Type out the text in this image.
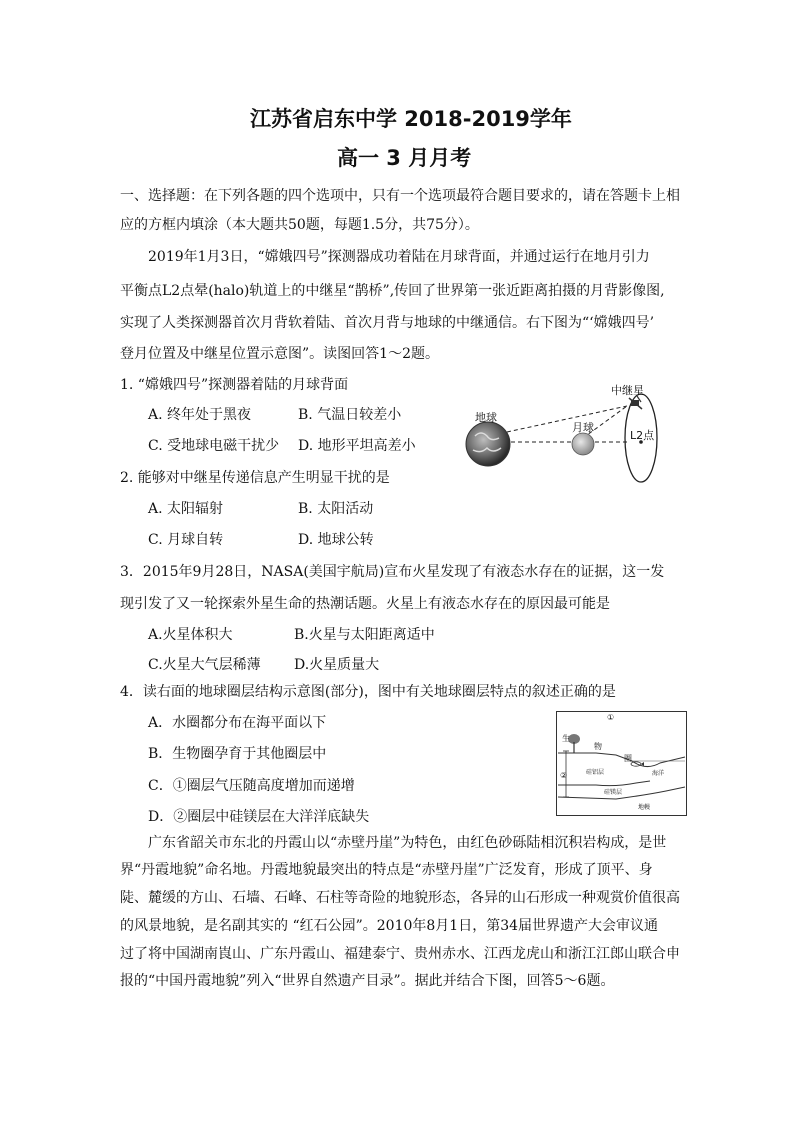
江苏省启东中学 2018-2019学年
高一 3 月月考
一、选择题：在下列各题的四个选项中，只有一个选项最符合题目要求的，请在答题卡上相
应的方框内填涂（本大题共50题，每题1.5分，共75分）。
2019年1月3日，“嫦娥四号”探测器成功着陆在月球背面，并通过运行在地月引力
平衡点L2点晕(halo)轨道上的中继星“鹊桥”,传回了世界第一张近距离拍摄的月背影像图,
实现了人类探测器首次月背软着陆、首次月背与地球的中继通信。右下图为“‘嫦娥四号’
登月位置及中继星位置示意图”。读图回答1～2题。
1. “嫦娥四号”探测器着陆的月球背面
A. 终年处于黑夜	B. 气温日较差小
C. 受地球电磁干扰少 D. 地形平坦高差小
地球
月球
中继星
L2点
2. 能够对中继星传递信息产生明显干扰的是
A. 太阳辐射	B. 太阳活动
C. 月球自转	D. 地球公转
3．2015年9月28日，NASA(美国宇航局)宣布火星发现了有液态水存在的证据，这一发
现引发了又一轮探索外星生命的热潮话题。火星上有液态水存在的原因最可能是
A.火星体积大	B.火星与太阳距离适中
C.火星大气层稀薄 D.火星质量大
4．读右面的地球圈层结构示意图(部分)，图中有关地球圈层特点的叙述正确的是
A．水圈都分布在海平面以下
B．生物圈孕育于其他圈层中
C．①圈层气压随高度增加而递增
D．②圈层中硅镁层在大洋洋底缺失
①
②
生
物
圈
硅铝层	海洋
硅镁层
地幔
广东省韶关市东北的丹霞山以“赤壁丹崖”为特色，由红色砂砾陆相沉积岩构成，是世
界“丹霞地貌”命名地。丹霞地貌最突出的特点是“赤壁丹崖”广泛发育，形成了顶平、身
陡、麓缓的方山、石墙、石峰、石柱等奇险的地貌形态，各异的山石形成一种观赏价值很高
的风景地貌，是名副其实的 “红石公园”。2010年8月1日，第34届世界遗产大会审议通
过了将中国湖南崀山、广东丹霞山、福建泰宁、贵州赤水、江西龙虎山和浙江江郎山联合申
报的“中国丹霞地貌”列入“世界自然遗产目录”。据此并结合下图，回答5～6题。
